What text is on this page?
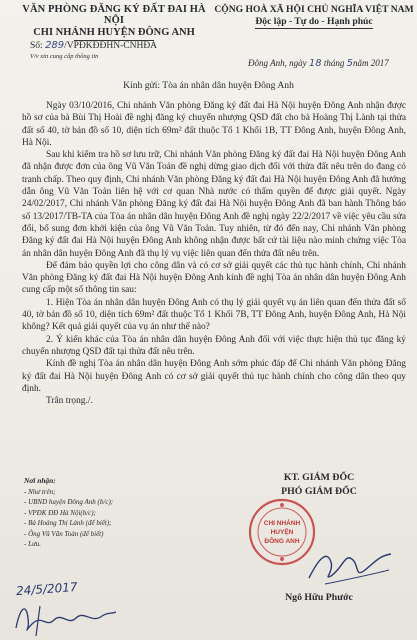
VĂN PHÒNG ĐĂNG KÝ ĐẤT ĐAI HÀ NỘI
CHI NHÁNH HUYỆN ĐÔNG ANH
CỘNG HOÀ XÃ HỘI CHỦ NGHĨA VIỆT NAM
Độc lập - Tự do - Hạnh phúc
Số: 289/VPĐKĐĐHN-CNHĐA
V/v xin cung cấp thông tin
Đông Anh, ngày 18 tháng 5năm 2017
Kính gửi: Tòa án nhân dân huyện Đông Anh

Ngày 03/10/2016, Chi nhánh Văn phòng Đăng ký đất đai Hà Nội huyện Đông Anh nhận được hồ sơ của bà Bùi Thị Hoài đề nghị đăng ký chuyển nhượng QSD đất cho bà Hoàng Thị Lành tại thửa đất số 40, tờ bản đồ số 10, diện tích 69m² đất thuộc Tổ 1 Khối 1B, TT Đông Anh, huyện Đông Anh, Hà Nội.

Sau khi kiểm tra hồ sơ lưu trữ, Chi nhánh Văn phòng Đăng ký đất đai Hà Nội huyện Đông Anh đã nhận được đơn của ông Vũ Văn Toản đề nghị dừng giao dịch đối với thửa đất nêu trên do đang có tranh chấp. Theo quy định, Chi nhánh Văn phòng Đăng ký đất đai Hà Nội huyện Đông Anh đã hướng dẫn ông Vũ Văn Toản liên hệ với cơ quan Nhà nước có thẩm quyền để được giải quyết. Ngày 24/02/2017, Chi nhánh Văn phòng Đăng ký đất đai Hà Nội huyện Đông Anh đã ban hành Thông báo số 13/2017/TB-TA của Tòa án nhân dân huyện Đông Anh đề nghị ngày 22/2/2017 về việc yêu cầu sửa đổi, bổ sung đơn khởi kiện của ông Vũ Văn Toản. Tuy nhiên, từ đó đến nay, Chi nhánh Văn phòng Đăng ký đất đai Hà Nội huyện Đông Anh không nhận được bất cứ tài liệu nào minh chứng việc Tòa án nhân dân huyện Đông Anh đã thụ lý vụ việc liên quan đến thửa đất nêu trên.

Để đảm bảo quyền lợi cho công dân và có cơ sở giải quyết các thủ tục hành chính, Chi nhánh Văn phòng Đăng ký đất đai Hà Nội huyện Đông Anh kính đề nghị Tòa án nhân dân huyện Đông Anh cung cấp một số thông tin sau:

1. Hiện Tòa án nhân dân huyện Đông Anh có thụ lý giải quyết vụ án liên quan đến thửa đất số 40, tờ bản đồ số 10, diện tích 69m² đất thuộc Tổ 1 Khối 7B, TT Đông Anh, huyện Đông Anh, Hà Nội không? Kết quả giải quyết của vụ án như thế nào?

2. Ý kiến khác của Tòa án nhân dân huyện Đông Anh đối với việc thực hiện thủ tục đăng ký chuyển nhượng QSD đất tại thửa đất nêu trên.

Kính đề nghị Tòa án nhân dân huyện Đông Anh sớm phúc đáp để Chi nhánh Văn phòng Đăng ký đất đai Hà Nội huyện Đông Anh có cơ sở giải quyết thủ tục hành chính cho công dân theo quy định.

Trân trọng./.

Nơi nhận:
- Như trên;
- UBND huyện Đông Anh (b/c);
- VPĐK ĐĐ Hà Nội(b/c);
- Bà Hoàng Thị Lành (để biết);
- Ông Vũ Văn Toản (để biết)
- Lưu.
KT. GIÁM ĐỐC
PHÓ GIÁM ĐỐC
CHI NHÁNH
HUYỆN
ĐÔNG ANH
Ngô Hữu Phước
24/5/2017
